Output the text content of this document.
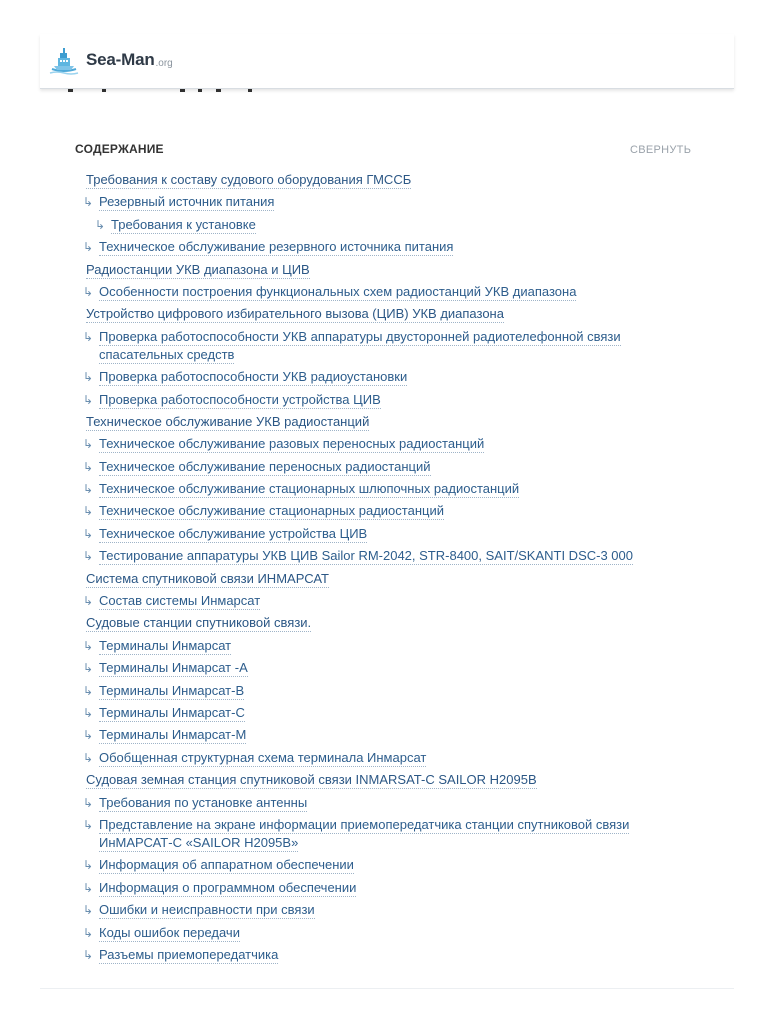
Sea-Man .org
СОДЕРЖАНИЕ	СВЕРНУТЬ
Требования к составу судового оборудования ГМССБ
↳ Резервный источник питания
↳ Требования к установке
↳ Техническое обслуживание резервного источника питания
Радиостанции УКВ диапазона и ЦИВ
↳ Особенности построения функциональных схем радиостанций УКВ диапазона
Устройство цифрового избирательного вызова (ЦИВ) УКВ диапазона
↳ Проверка работоспособности УКВ аппаратуры двусторонней радиотелефонной связи спасательных средств
↳ Проверка работоспособности УКВ радиоустановки
↳ Проверка работоспособности устройства ЦИВ
Техническое обслуживание УКВ радиостанций
↳ Техническое обслуживание разовых переносных радиостанций
↳ Техническое обслуживание переносных радиостанций
↳ Техническое обслуживание стационарных шлюпочных радиостанций
↳ Техническое обслуживание стационарных радиостанций
↳ Техническое обслуживание устройства ЦИВ
↳ Тестирование аппаратуры УКВ ЦИВ Sailor RM-2042, STR-8400, SAIT/SKANTI DSC-3 000
Система спутниковой связи ИНМАРСАТ
↳ Состав системы Инмарсат
Судовые станции спутниковой связи.
↳ Терминалы Инмарсат
↳ Терминалы Инмарсат -А
↳ Терминалы Инмарсат-В
↳ Терминалы Инмарсат-С
↳ Терминалы Инмарсат-М
↳ Обобщенная структурная схема терминала Инмарсат
Судовая земная станция спутниковой связи INMARSAT-C SAILOR H2095B
↳ Требования по установке антенны
↳ Представление на экране информации приемопередатчика станции спутниковой связи ИнМАРСАТ-С «SAILOR H2095B»
↳ Информация об аппаратном обеспечении
↳ Информация о программном обеспечении
↳ Ошибки и неисправности при связи
↳ Коды ошибок передачи
↳ Разъемы приемопередатчика
